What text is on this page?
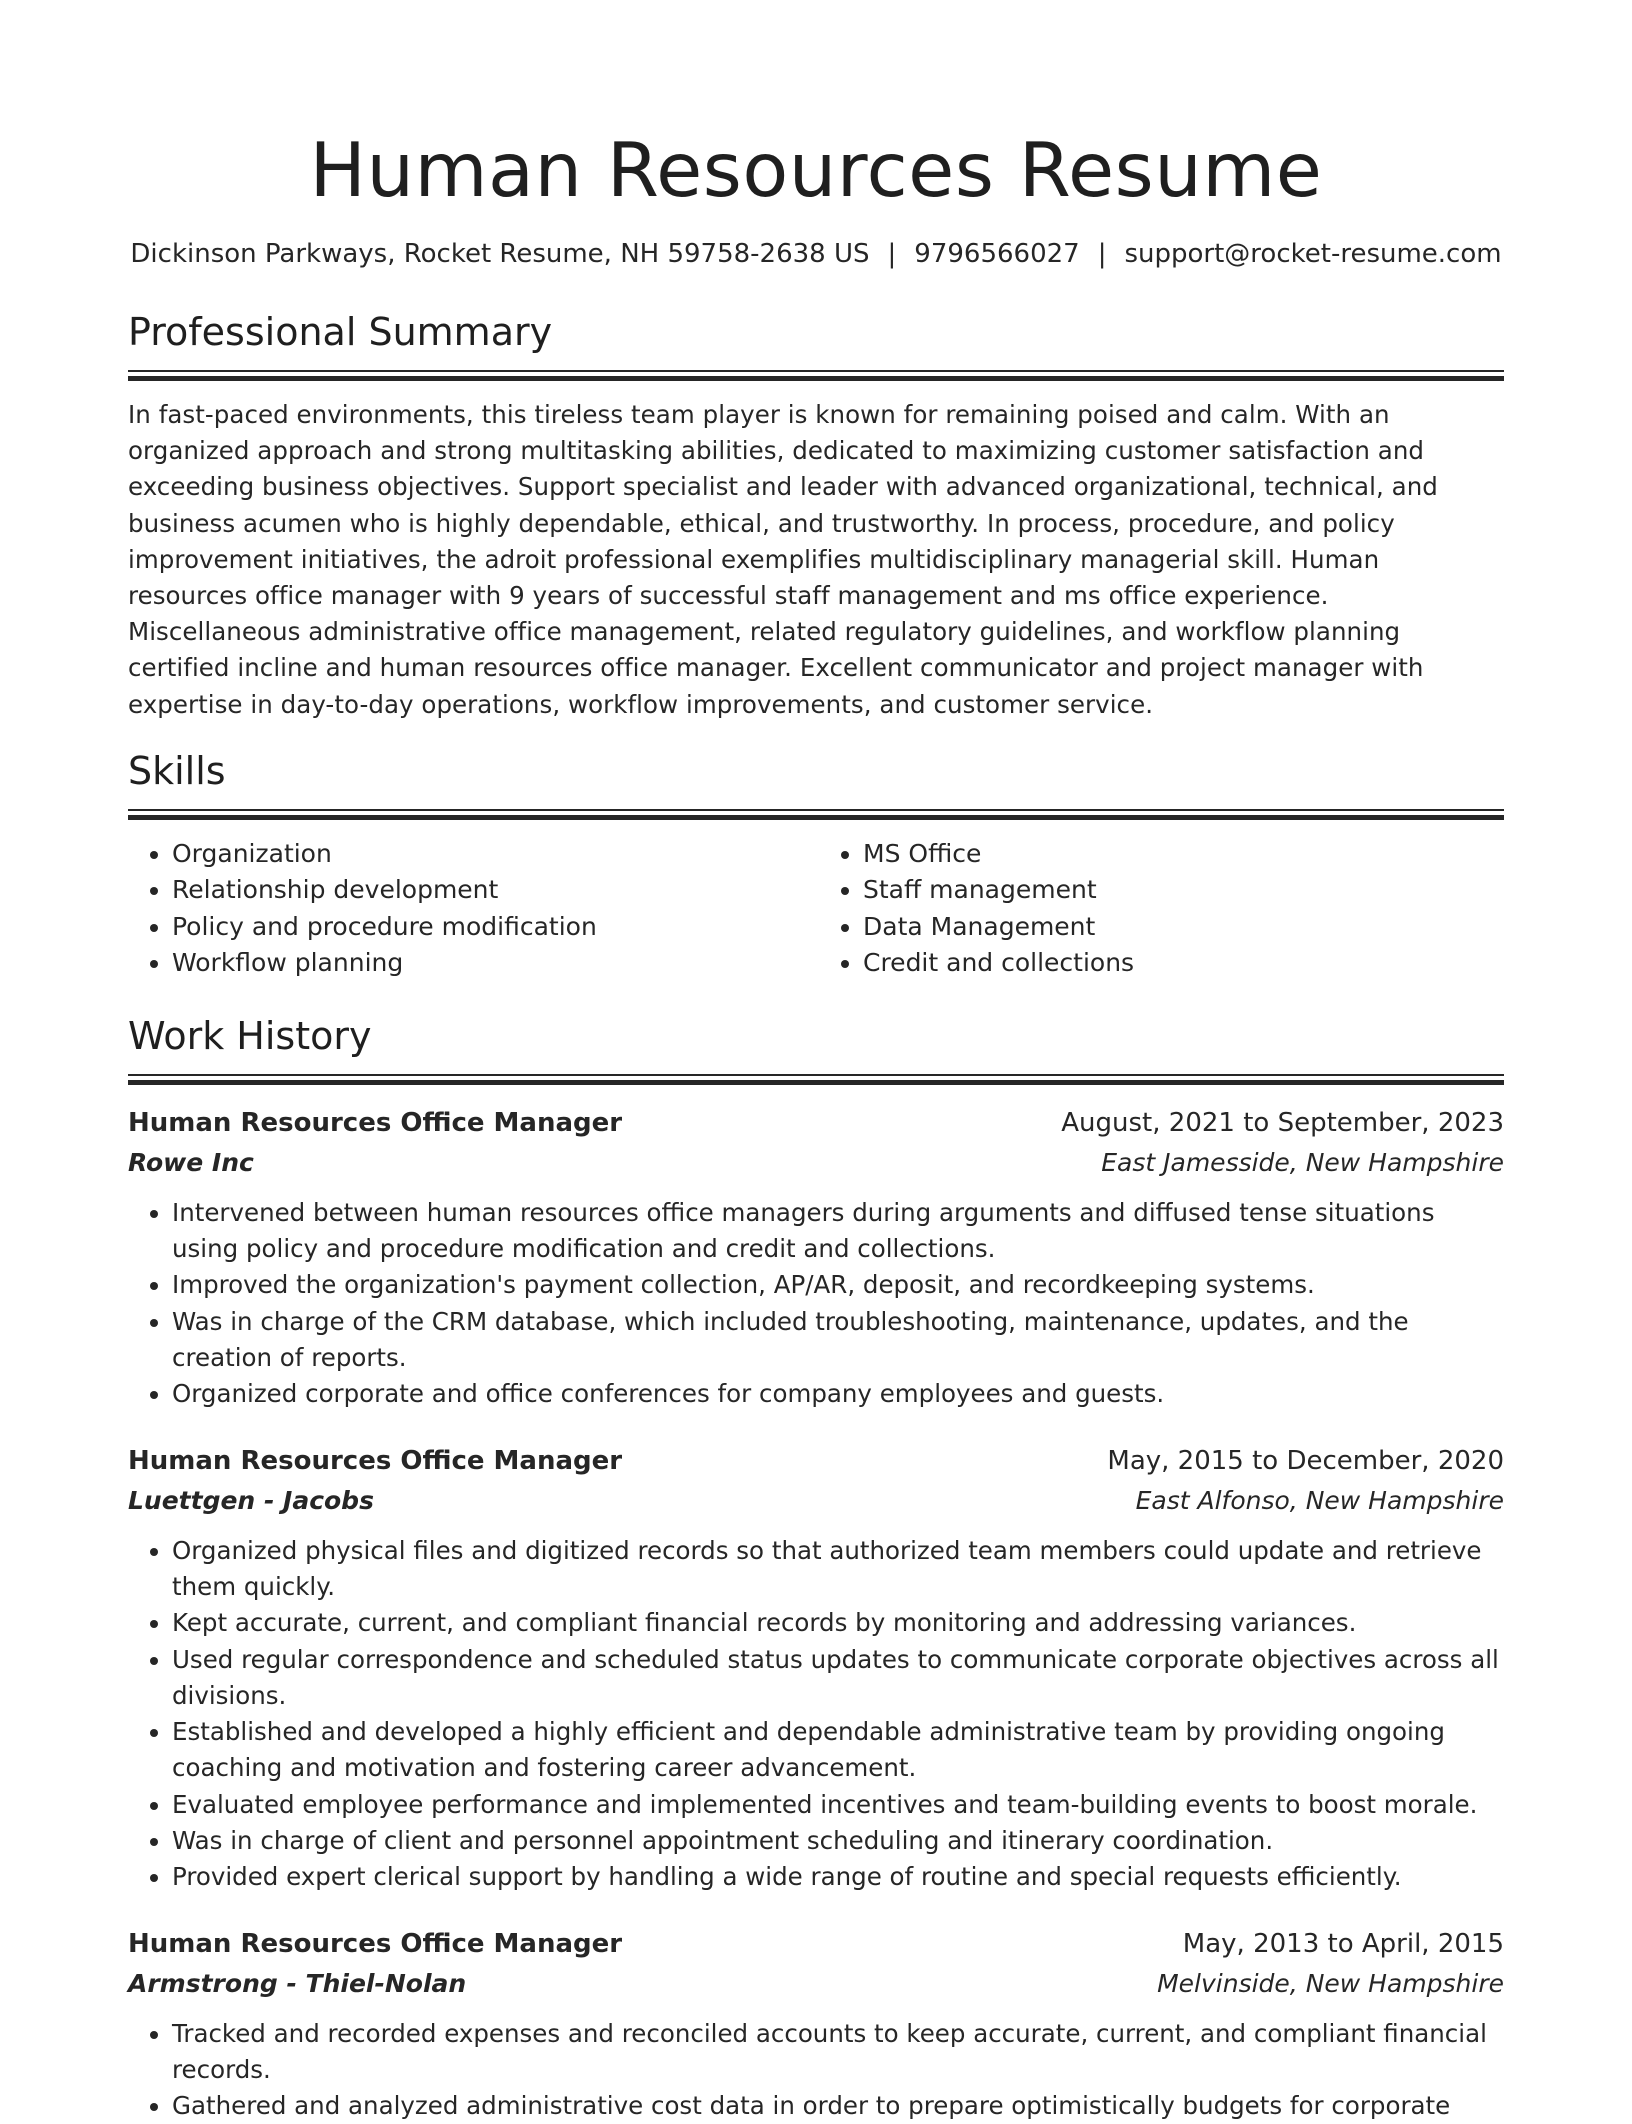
Human Resources Resume
Dickinson Parkways, Rocket Resume, NH 59758-2638 US | 9796566027 | support@rocket-resume.com
Professional Summary

In fast-paced environments, this tireless team player is known for remaining poised and calm. With an organized approach and strong multitasking abilities, dedicated to maximizing customer satisfaction and exceeding business objectives. Support specialist and leader with advanced organizational, technical, and business acumen who is highly dependable, ethical, and trustworthy. In process, procedure, and policy improvement initiatives, the adroit professional exemplifies multidisciplinary managerial skill. Human resources office manager with 9 years of successful staff management and ms office experience. Miscellaneous administrative office management, related regulatory guidelines, and workflow planning certified incline and human resources office manager. Excellent communicator and project manager with expertise in day-to-day operations, workflow improvements, and customer service.

Skills
• Organization
• Relationship development
• Policy and procedure modification
• Workflow planning
• MS Office
• Staff management
• Data Management
• Credit and collections
Work History
Human Resources Office Manager	August, 2021 to September, 2023
Rowe Inc	East Jamesside, New Hampshire
• Intervened between human resources office managers during arguments and diffused tense situations using policy and procedure modification and credit and collections.
• Improved the organization's payment collection, AP/AR, deposit, and recordkeeping systems.
• Was in charge of the CRM database, which included troubleshooting, maintenance, updates, and the creation of reports.
• Organized corporate and office conferences for company employees and guests.
Human Resources Office Manager	May, 2015 to December, 2020
Luettgen - Jacobs	East Alfonso, New Hampshire
• Organized physical files and digitized records so that authorized team members could update and retrieve them quickly.
• Kept accurate, current, and compliant financial records by monitoring and addressing variances.
• Used regular correspondence and scheduled status updates to communicate corporate objectives across all divisions.
• Established and developed a highly efficient and dependable administrative team by providing ongoing coaching and motivation and fostering career advancement.
• Evaluated employee performance and implemented incentives and team-building events to boost morale.
• Was in charge of client and personnel appointment scheduling and itinerary coordination.
• Provided expert clerical support by handling a wide range of routine and special requests efficiently.
Human Resources Office Manager	May, 2013 to April, 2015
Armstrong - Thiel-Nolan	Melvinside, New Hampshire
• Tracked and recorded expenses and reconciled accounts to keep accurate, current, and compliant financial records.
• Gathered and analyzed administrative cost data in order to prepare optimistically budgets for corporate
